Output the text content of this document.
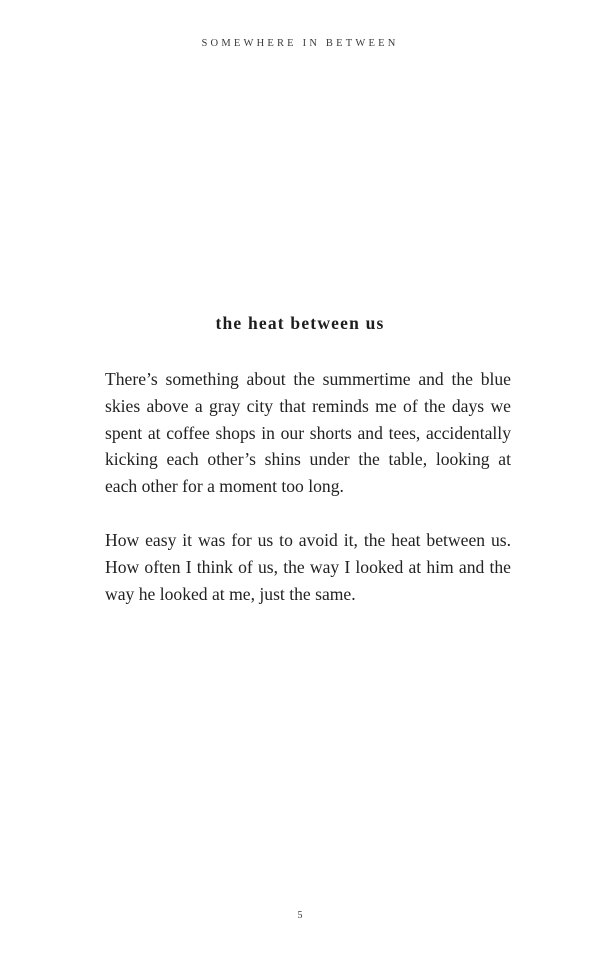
SOMEWHERE IN BETWEEN
the heat between us

There’s something about the summertime and the blue skies above a gray city that reminds me of the days we spent at coffee shops in our shorts and tees, accidentally kicking each other’s shins under the table, looking at each other for a moment too long.

How easy it was for us to avoid it, the heat between us. How often I think of us, the way I looked at him and the way he looked at me, just the same.

5
